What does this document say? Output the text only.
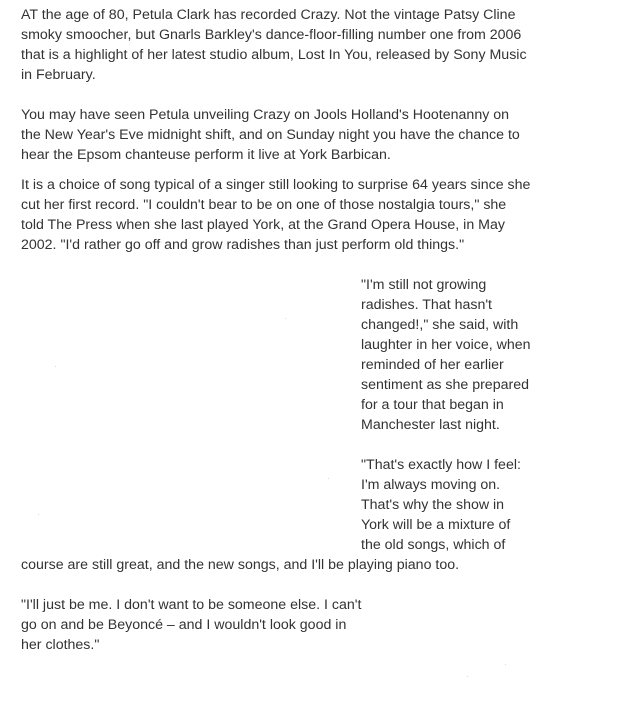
AT the age of 80, Petula Clark has recorded Crazy. Not the vintage Patsy Cline smoky smoocher, but Gnarls Barkley's dance-floor-filling number one from 2006 that is a highlight of her latest studio album, Lost In You, released by Sony Music in February.

You may have seen Petula unveiling Crazy on Jools Holland's Hootenanny on the New Year's Eve midnight shift, and on Sunday night you have the chance to hear the Epsom chanteuse perform it live at York Barbican.

It is a choice of song typical of a singer still looking to surprise 64 years since she cut her first record. "I couldn't bear to be on one of those nostalgia tours," she told The Press when she last played York, at the Grand Opera House, in May 2002. "I'd rather go off and grow radishes than just perform old things."

"I'm still not growing radishes. That hasn't changed!," she said, with laughter in her voice, when reminded of her earlier sentiment as she prepared for a tour that began in Manchester last night.

"That's exactly how I feel: I'm always moving on. That's why the show in York will be a mixture of the old songs, which of course are still great, and the new songs, and I'll be playing piano too.

"I'll just be me. I don't want to be someone else. I can't go on and be Beyoncé – and I wouldn't look good in her clothes."
